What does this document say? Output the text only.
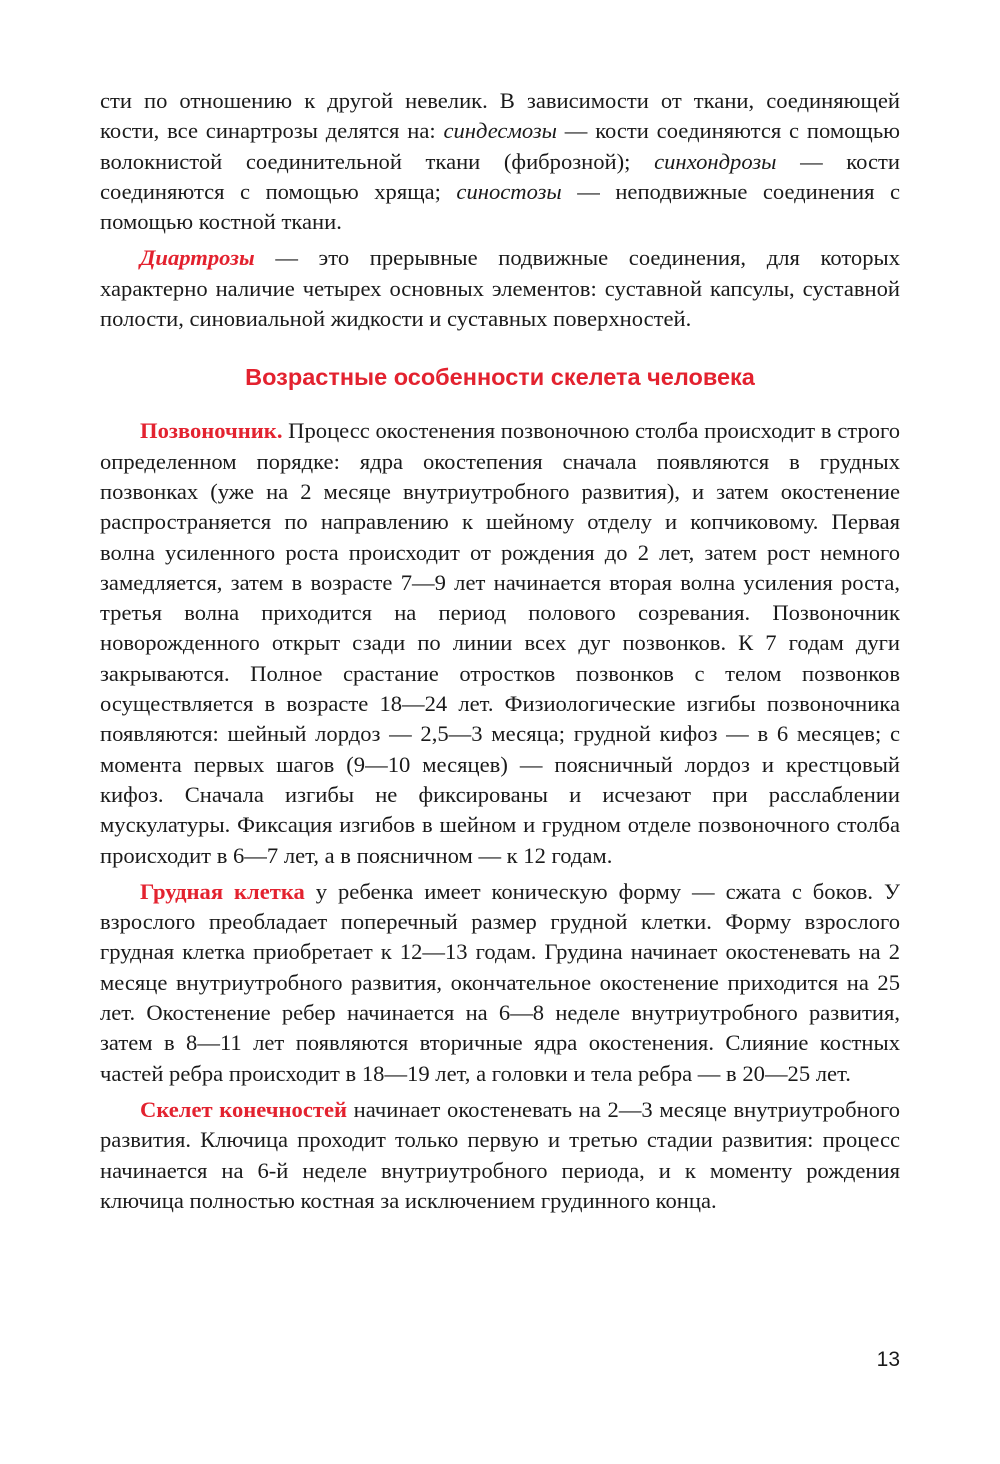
сти по отношению к другой невелик. В зависимости от ткани, соединяющей кости, все синартрозы делятся на: синдесмозы — кости соединяются с помощью волокнистой соединительной ткани (фиброзной); синхондрозы — кости соединяются с помощью хряща; синостозы — неподвижные соединения с помощью костной ткани.

Диартрозы — это прерывные подвижные соединения, для которых характерно наличие четырех основных элементов: суставной капсулы, суставной полости, синовиальной жидкости и суставных поверхностей.

Возрастные особенности скелета человека

Позвоночник. Процесс окостенения позвоночною столба происходит в строго определенном порядке: ядра окостепения сначала появляются в грудных позвонках (уже на 2 месяце внутриутробного развития), и затем окостенение распространяется по направлению к шейному отделу и копчиковому. Первая волна усиленного роста происходит от рождения до 2 лет, затем рост немного замедляется, затем в возрасте 7—9 лет начинается вторая волна усиления роста, третья волна приходится на период полового созревания. Позвоночник новорожденного открыт сзади по линии всех дуг позвонков. К 7 годам дуги закрываются. Полное срастание отростков позвонков с телом позвонков осуществляется в возрасте 18—24 лет. Физиологические изгибы позвоночника появляются: шейный лордоз — 2,5—3 месяца; грудной кифоз — в 6 месяцев; с момента первых шагов (9—10 месяцев) — поясничный лордоз и крестцовый кифоз. Сначала изгибы не фиксированы и исчезают при расслаблении мускулатуры. Фиксация изгибов в шейном и грудном отделе позвоночного столба происходит в 6—7 лет, а в поясничном — к 12 годам.

Грудная клетка у ребенка имеет коническую форму — сжата с боков. У взрослого преобладает поперечный размер грудной клетки. Форму взрослого грудная клетка приобретает к 12—13 годам. Грудина начинает окостеневать на 2 месяце внутриутробного развития, окончательное окостенение приходится на 25 лет. Окостенение ребер начинается на 6—8 неделе внутриутробного развития, затем в 8—11 лет появляются вторичные ядра окостенения. Слияние костных частей ребра происходит в 18—19 лет, а головки и тела ребра — в 20—25 лет.

Скелет конечностей начинает окостеневать на 2—3 месяце внутриутробного развития. Ключица проходит только первую и третью стадии развития: процесс начинается на 6-й неделе внутриутробного периода, и к моменту рождения ключица полностью костная за исключением грудинного конца.

13
